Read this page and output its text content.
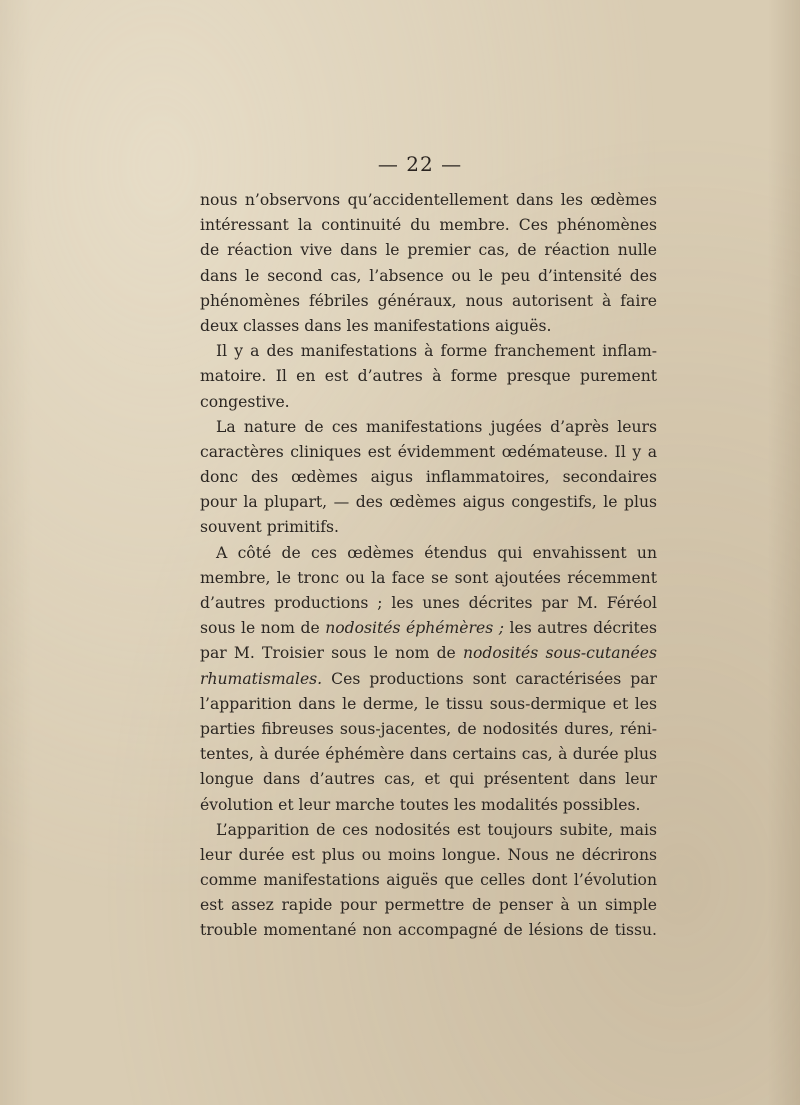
— 22 —
nous n’observons qu’accidentellement dans les œdèmes
intéressant la continuité du membre. Ces phénomènes
de réaction vive dans le premier cas, de réaction nulle
dans le second cas, l’absence ou le peu d’intensité des
phénomènes fébriles généraux, nous autorisent à faire
deux classes dans les manifestations aiguës.
Il y a des manifestations à forme franchement inflam-
matoire. Il en est d’autres à forme presque purement
congestive.
La nature de ces manifestations jugées d’après leurs
caractères cliniques est évidemment œdémateuse. Il y a
donc des œdèmes aigus inflammatoires, secondaires
pour la plupart, — des œdèmes aigus congestifs, le plus
souvent primitifs.
A côté de ces œdèmes étendus qui envahissent un
membre, le tronc ou la face se sont ajoutées récemment
d’autres productions ; les unes décrites par M. Féréol
sous le nom de nodosités éphémères ; les autres décrites
par M. Troisier sous le nom de nodosités sous-cutanées
rhumatismales. Ces productions sont caractérisées par
l’apparition dans le derme, le tissu sous-dermique et les
parties fibreuses sous-jacentes, de nodosités dures, réni-
tentes, à durée éphémère dans certains cas, à durée plus
longue dans d’autres cas, et qui présentent dans leur
évolution et leur marche toutes les modalités possibles.
L’apparition de ces nodosités est toujours subite, mais
leur durée est plus ou moins longue. Nous ne décrirons
comme manifestations aiguës que celles dont l’évolution
est assez rapide pour permettre de penser à un simple
trouble momentané non accompagné de lésions de tissu.
